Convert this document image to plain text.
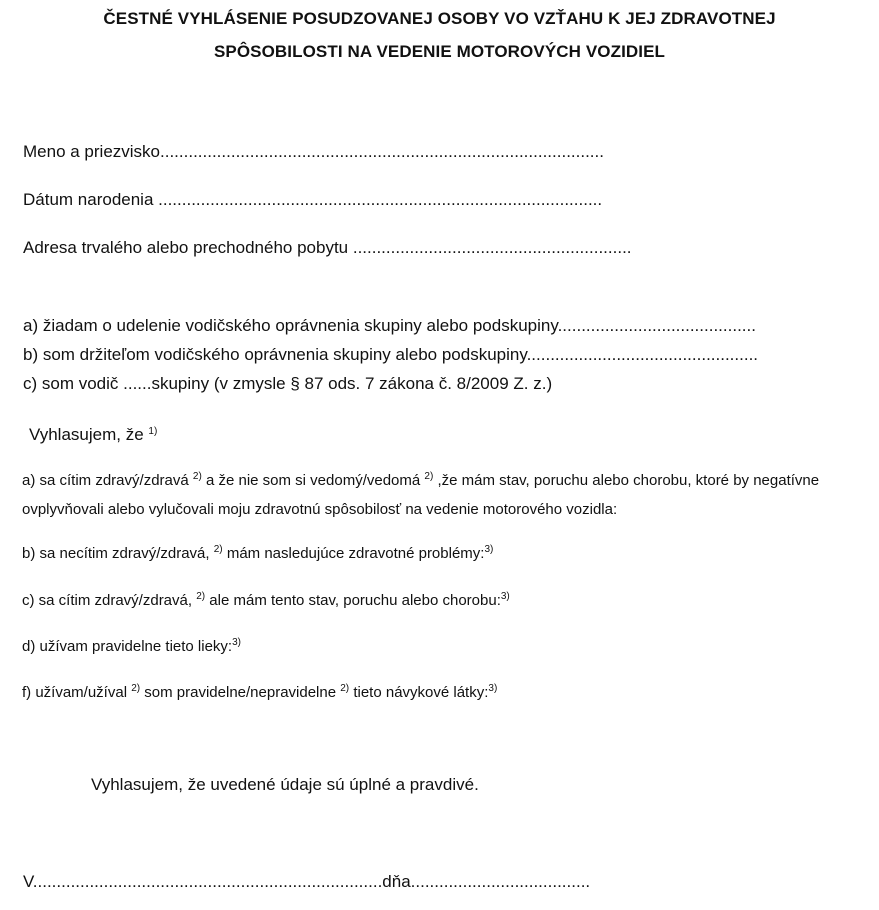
ČESTNÉ VYHLÁSENIE POSUDZOVANEJ OSOBY VO VZŤAHU K JEJ ZDRAVOTNEJ
SPÔSOBILOSTI NA VEDENIE MOTOROVÝCH VOZIDIEL
Meno a priezvisko..............................................................................................
Dátum narodenia ..............................................................................................
Adresa trvalého alebo prechodného pobytu ...........................................................
a) žiadam o udelenie vodičského oprávnenia skupiny alebo podskupiny..........................................
b) som držiteľom vodičského oprávnenia skupiny alebo podskupiny.................................................
c) som vodič ......skupiny (v zmysle § 87 ods. 7 zákona č. 8/2009 Z. z.)
Vyhlasujem, že $^{1)}$
a) sa cítim zdravý/zdravá $^{2)}$ a že nie som si vedomý/vedomá $^{2)}$ ,že mám stav, poruchu alebo chorobu, ktoré by negatívne ovplyvňovali alebo vylučovali moju zdravotnú spôsobilosť na vedenie motorového vozidla:
b) sa necítim zdravý/zdravá, $^{2)}$ mám nasledujúce zdravotné problémy:$^{3)}$
c) sa cítim zdravý/zdravá, $^{2)}$ ale mám tento stav, poruchu alebo chorobu:$^{3)}$
d) užívam pravidelne tieto lieky:$^{3)}$
f) užívam/užíval $^{2)}$ som pravidelne/nepravidelne $^{2)}$ tieto návykové látky:$^{3)}$
Vyhlasujem, že uvedené údaje sú úplné a pravdivé.
V..........................................................................dňa......................................
